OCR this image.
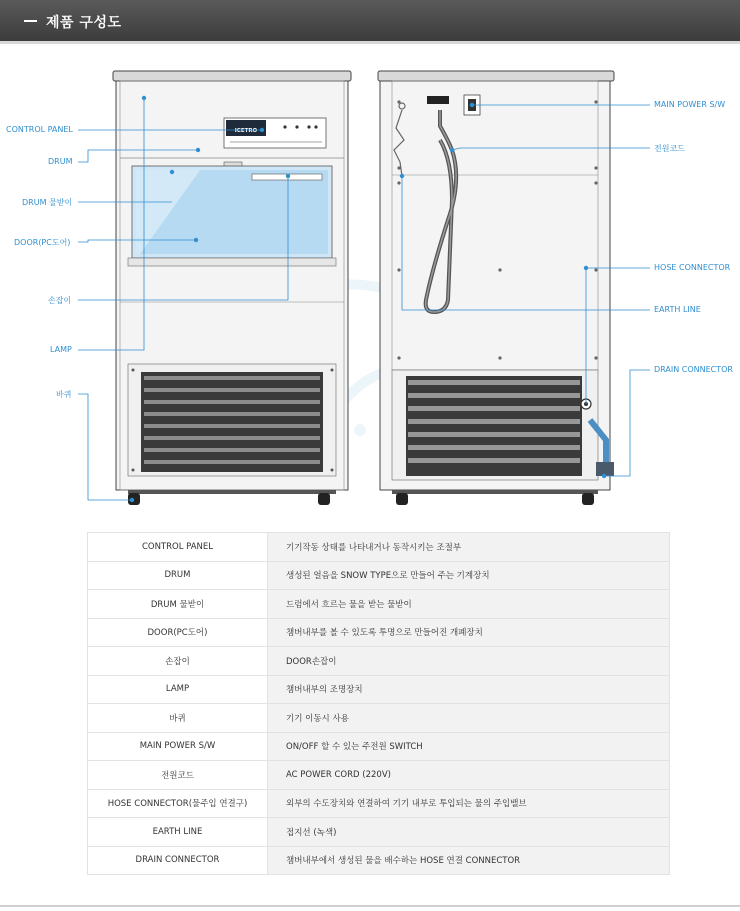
제품 구성도
ICETRO
CONTROL PANEL
DRUM
DRUM 물받이
DOOR(PC도어)
손잡이
LAMP
바퀴
MAIN POWER S/W
전원코드
HOSE CONNECTOR
EARTH LINE
DRAIN CONNECTOR
CONTROL PANEL	기기작동 상태를 나타내거나 동작시키는 조절부
DRUM	생성된 얼음을 SNOW TYPE으로 만들어 주는 기계장치
DRUM 물받이	드럼에서 흐르는 물을 받는 물받이
DOOR(PC도어)	챔버내부를 볼 수 있도록 투명으로 만들어진 개폐장치
손잡이	DOOR손잡이
LAMP	챔버내부의 조명장치
바퀴	기기 이동시 사용
MAIN POWER S/W	ON/OFF 할 수 있는 주전원 SWITCH
전원코드	AC POWER CORD (220V)
HOSE CONNECTOR(물주입 연결구)	외부의 수도장치와 연결하여 기기 내부로 투입되는 물의 주입밸브
EARTH LINE	접지선 (녹색)
DRAIN CONNECTOR	챔버내부에서 생성된 물을 배수하는 HOSE 연결 CONNECTOR
